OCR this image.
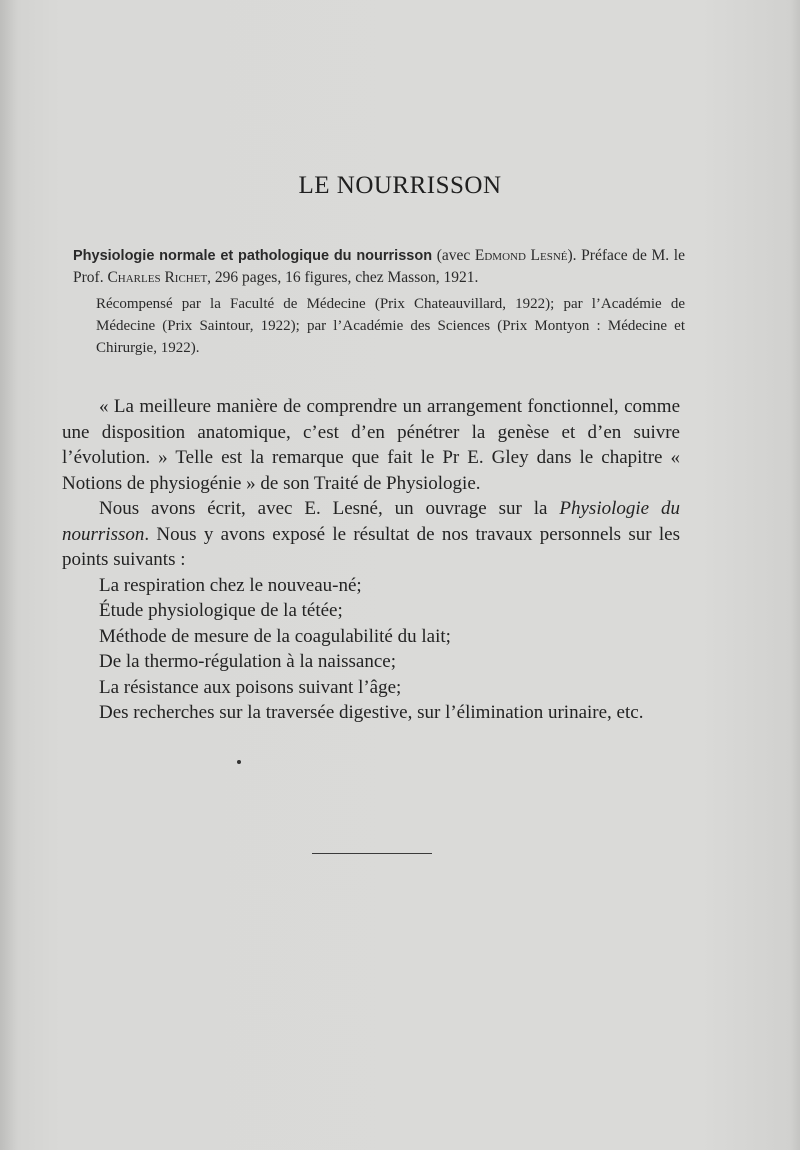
LE NOURRISSON
Physiologie normale et pathologique du nourrisson (avec Edmond Lesné). Préface de M. le Prof. Charles Richet, 296 pages, 16 figures, chez Masson, 1921.
Récompensé par la Faculté de Médecine (Prix Chateauvillard, 1922); par l’Académie de Médecine (Prix Saintour, 1922); par l’Académie des Sciences (Prix Montyon : Médecine et Chirurgie, 1922).

« La meilleure manière de comprendre un arrangement fonctionnel, comme une disposition anatomique, c’est d’en pénétrer la genèse et d’en suivre l’évolution. » Telle est la remarque que fait le Pr E. Gley dans le chapitre « Notions de physiogénie » de son Traité de Physiologie.

Nous avons écrit, avec E. Lesné, un ouvrage sur la Physiologie du nourrisson. Nous y avons exposé le résultat de nos travaux personnels sur les points suivants :

La respiration chez le nouveau-né;

Étude physiologique de la tétée;

Méthode de mesure de la coagulabilité du lait;

De la thermo-régulation à la naissance;

La résistance aux poisons suivant l’âge;

Des recherches sur la traversée digestive, sur l’élimination urinaire, etc.
